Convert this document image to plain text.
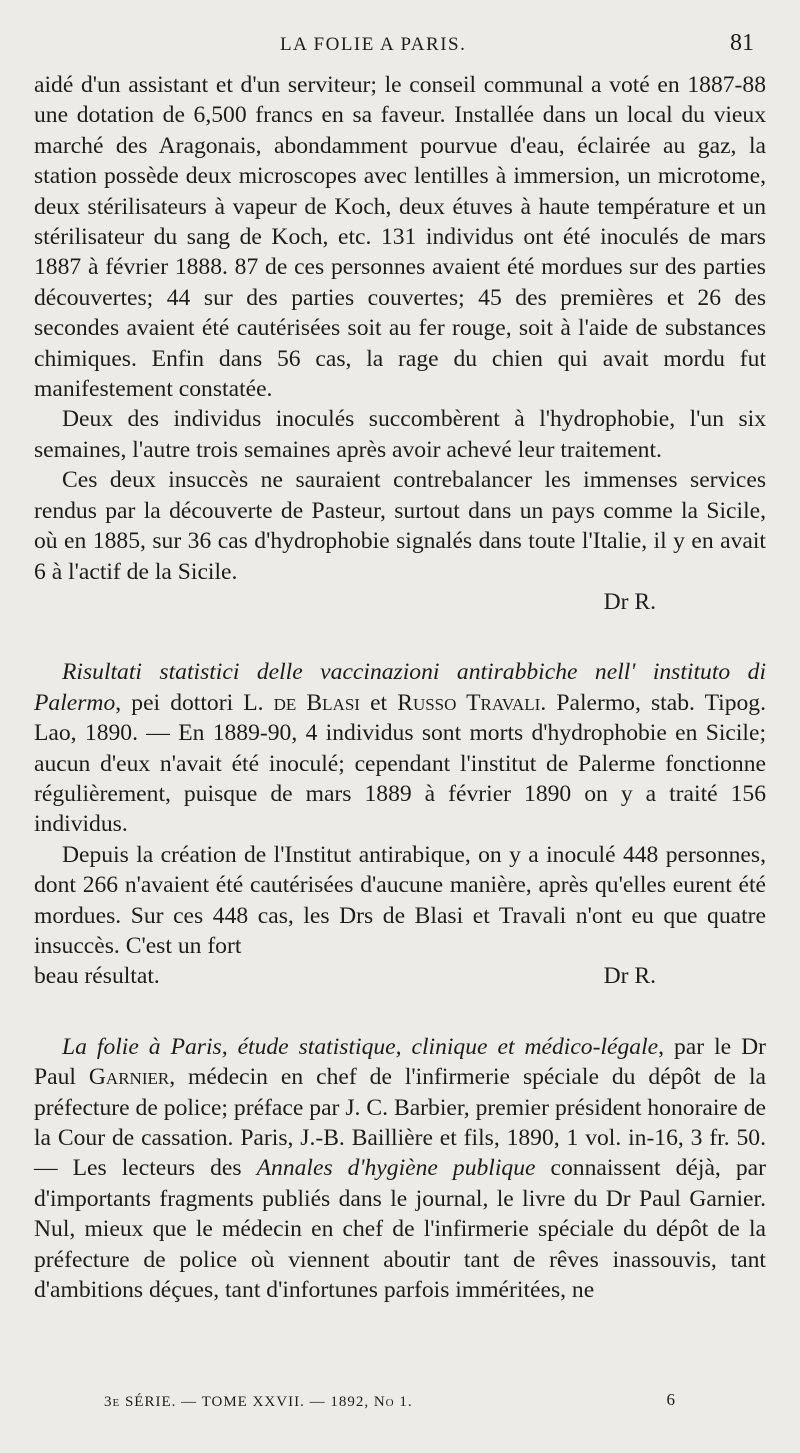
LA FOLIE A PARIS.	81

aidé d'un assistant et d'un serviteur; le conseil communal a voté en 1887-88 une dotation de 6,500 francs en sa faveur. Installée dans un local du vieux marché des Aragonais, abondamment pourvue d'eau, éclairée au gaz, la station possède deux microscopes avec lentilles à immersion, un microtome, deux stérilisateurs à vapeur de Koch, deux étuves à haute température et un stérilisateur du sang de Koch, etc. 131 individus ont été inoculés de mars 1887 à février 1888. 87 de ces personnes avaient été mordues sur des parties découvertes; 44 sur des parties couvertes; 45 des premières et 26 des secondes avaient été cautérisées soit au fer rouge, soit à l'aide de substances chimiques. Enfin dans 56 cas, la rage du chien qui avait mordu fut manifestement constatée.

Deux des individus inoculés succombèrent à l'hydrophobie, l'un six semaines, l'autre trois semaines après avoir achevé leur traitement.

Ces deux insuccès ne sauraient contrebalancer les immenses services rendus par la découverte de Pasteur, surtout dans un pays comme la Sicile, où en 1885, sur 36 cas d'hydrophobie signalés dans toute l'Italie, il y en avait 6 à l'actif de la Sicile.

Dr R.

Risultati statistici delle vaccinazioni antirabbiche nell' instituto di Palermo, pei dottori L. de Blasi et Russo Travali. Palermo, stab. Tipog. Lao, 1890. — En 1889-90, 4 individus sont morts d'hydrophobie en Sicile; aucun d'eux n'avait été inoculé; cependant l'institut de Palerme fonctionne régulièrement, puisque de mars 1889 à février 1890 on y a traité 156 individus.

Depuis la création de l'Institut antirabique, on y a inoculé 448 personnes, dont 266 n'avaient été cautérisées d'aucune manière, après qu'elles eurent été mordues. Sur ces 448 cas, les Drs de Blasi et Travali n'ont eu que quatre insuccès. C'est un fort

beau résultat.	Dr R.

La folie à Paris, étude statistique, clinique et médico-légale, par le Dr Paul Garnier, médecin en chef de l'infirmerie spéciale du dépôt de la préfecture de police; préface par J. C. Barbier, premier président honoraire de la Cour de cassation. Paris, J.-B. Baillière et fils, 1890, 1 vol. in-16, 3 fr. 50. — Les lecteurs des Annales d'hygiène publique connaissent déjà, par d'importants fragments publiés dans le journal, le livre du Dr Paul Garnier. Nul, mieux que le médecin en chef de l'infirmerie spéciale du dépôt de la préfecture de police où viennent aboutir tant de rêves inassouvis, tant d'ambitions déçues, tant d'infortunes parfois imméritées, ne

3e SÉRIE. — TOME XXVII. — 1892, No 1.	6
